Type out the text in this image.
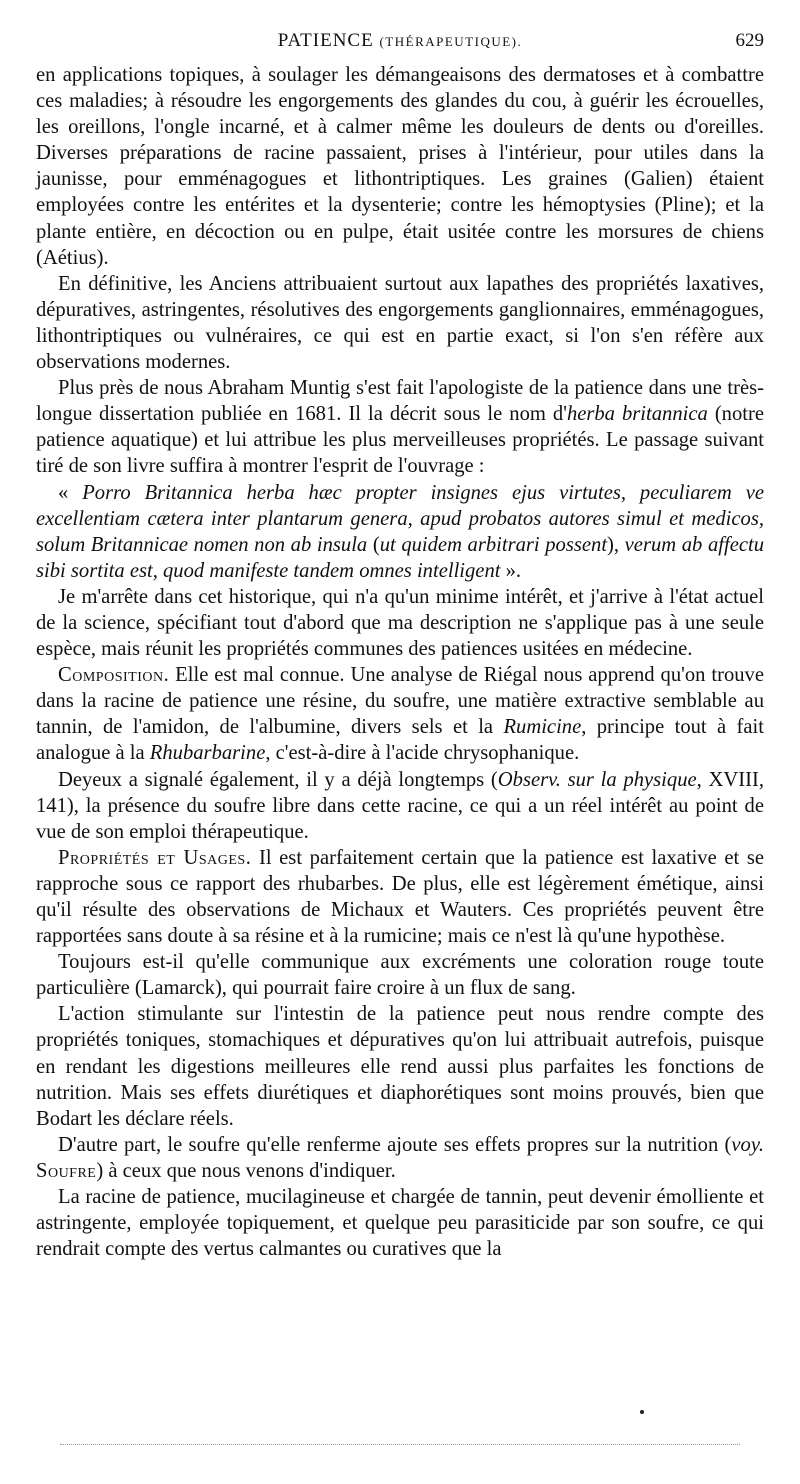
PATIENCE (THÉRAPEUTIQUE).	629

en applications topiques, à soulager les démangeaisons des dermatoses et à combattre ces maladies; à résoudre les engorgements des glandes du cou, à guérir les écrouelles, les oreillons, l'ongle incarné, et à calmer même les douleurs de dents ou d'oreilles. Diverses préparations de racine passaient, prises à l'intérieur, pour utiles dans la jaunisse, pour emménagogues et lithontriptiques. Les graines (Galien) étaient employées contre les entérites et la dysenterie; contre les hémoptysies (Pline); et la plante entière, en décoction ou en pulpe, était usitée contre les morsures de chiens (Aétius).

En définitive, les Anciens attribuaient surtout aux lapathes des propriétés laxatives, dépuratives, astringentes, résolutives des engorgements ganglionnaires, emménagogues, lithontriptiques ou vulnéraires, ce qui est en partie exact, si l'on s'en réfère aux observations modernes.

Plus près de nous Abraham Muntig s'est fait l'apologiste de la patience dans une très-longue dissertation publiée en 1681. Il la décrit sous le nom d'herba britannica (notre patience aquatique) et lui attribue les plus merveilleuses propriétés. Le passage suivant tiré de son livre suffira à montrer l'esprit de l'ouvrage :

« Porro Britannica herba hæc propter insignes ejus virtutes, peculiarem ve excellentiam cætera inter plantarum genera, apud probatos autores simul et medicos, solum Britannicae nomen non ab insula (ut quidem arbitrari possent), verum ab affectu sibi sortita est, quod manifeste tandem omnes intelligent ».

Je m'arrête dans cet historique, qui n'a qu'un minime intérêt, et j'arrive à l'état actuel de la science, spécifiant tout d'abord que ma description ne s'applique pas à une seule espèce, mais réunit les propriétés communes des patiences usitées en médecine.

Composition. Elle est mal connue. Une analyse de Riégal nous apprend qu'on trouve dans la racine de patience une résine, du soufre, une matière extractive semblable au tannin, de l'amidon, de l'albumine, divers sels et la Rumicine, principe tout à fait analogue à la Rhubarbarine, c'est-à-dire à l'acide chrysophanique.

Deyeux a signalé également, il y a déjà longtemps (Observ. sur la physique, XVIII, 141), la présence du soufre libre dans cette racine, ce qui a un réel intérêt au point de vue de son emploi thérapeutique.

Propriétés et Usages. Il est parfaitement certain que la patience est laxative et se rapproche sous ce rapport des rhubarbes. De plus, elle est légèrement émétique, ainsi qu'il résulte des observations de Michaux et Wauters. Ces propriétés peuvent être rapportées sans doute à sa résine et à la rumicine; mais ce n'est là qu'une hypothèse.

Toujours est-il qu'elle communique aux excréments une coloration rouge toute particulière (Lamarck), qui pourrait faire croire à un flux de sang.

L'action stimulante sur l'intestin de la patience peut nous rendre compte des propriétés toniques, stomachiques et dépuratives qu'on lui attribuait autrefois, puisque en rendant les digestions meilleures elle rend aussi plus parfaites les fonctions de nutrition. Mais ses effets diurétiques et diaphorétiques sont moins prouvés, bien que Bodart les déclare réels.

D'autre part, le soufre qu'elle renferme ajoute ses effets propres sur la nutrition (voy. Soufre) à ceux que nous venons d'indiquer.

La racine de patience, mucilagineuse et chargée de tannin, peut devenir émolliente et astringente, employée topiquement, et quelque peu parasiticide par son soufre, ce qui rendrait compte des vertus calmantes ou curatives que la
